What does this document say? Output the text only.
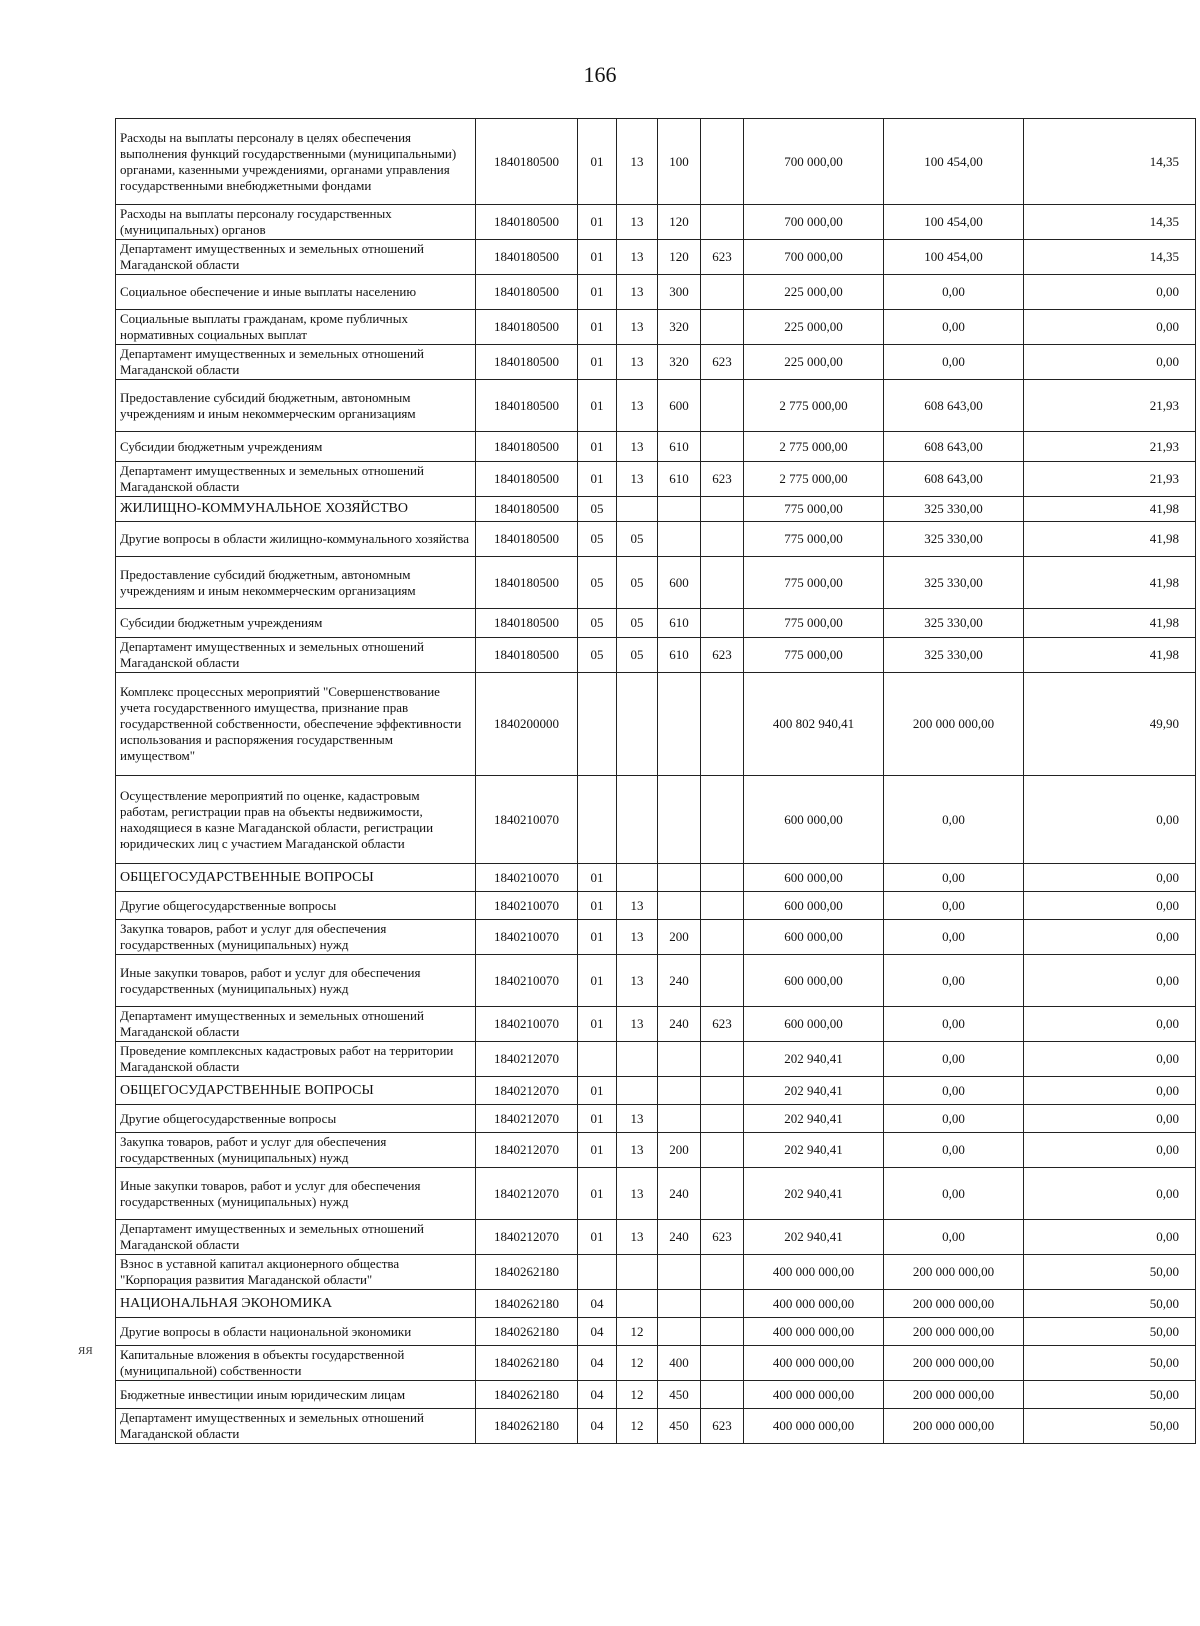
166
ЯЯ
Расходы на выплаты персоналу в целях обеспечения выполнения функций государственными (муниципальными) органами, казенными учреждениями, органами управления государственными внебюджетными фондами	1840180500	01	13	100		700 000,00	100 454,00	14,35
Расходы на выплаты персоналу государственных (муниципальных) органов	1840180500	01	13	120		700 000,00	100 454,00	14,35
Департамент имущественных и земельных отношений Магаданской области	1840180500	01	13	120	623	700 000,00	100 454,00	14,35
Социальное обеспечение и иные выплаты населению	1840180500	01	13	300		225 000,00	0,00	0,00
Социальные выплаты гражданам, кроме публичных нормативных социальных выплат	1840180500	01	13	320		225 000,00	0,00	0,00
Департамент имущественных и земельных отношений Магаданской области	1840180500	01	13	320	623	225 000,00	0,00	0,00
Предоставление субсидий бюджетным, автономным учреждениям и иным некоммерческим организациям	1840180500	01	13	600		2 775 000,00	608 643,00	21,93
Субсидии бюджетным учреждениям	1840180500	01	13	610		2 775 000,00	608 643,00	21,93
Департамент имущественных и земельных отношений Магаданской области	1840180500	01	13	610	623	2 775 000,00	608 643,00	21,93
ЖИЛИЩНО-КОММУНАЛЬНОЕ ХОЗЯЙСТВО	1840180500	05				775 000,00	325 330,00	41,98
Другие вопросы в области жилищно-коммунального хозяйства	1840180500	05	05			775 000,00	325 330,00	41,98
Предоставление субсидий бюджетным, автономным учреждениям и иным некоммерческим организациям	1840180500	05	05	600		775 000,00	325 330,00	41,98
Субсидии бюджетным учреждениям	1840180500	05	05	610		775 000,00	325 330,00	41,98
Департамент имущественных и земельных отношений Магаданской области	1840180500	05	05	610	623	775 000,00	325 330,00	41,98
Комплекс процессных мероприятий "Совершенствование учета государственного имущества, признание прав государственной собственности, обеспечение эффективности использования и распоряжения государственным имуществом"	1840200000					400 802 940,41	200 000 000,00	49,90
Осуществление мероприятий по оценке, кадастровым работам, регистрации прав на объекты недвижимости, находящиеся в казне Магаданской области, регистрации юридических лиц с участием Магаданской области	1840210070					600 000,00	0,00	0,00
ОБЩЕГОСУДАРСТВЕННЫЕ ВОПРОСЫ	1840210070	01				600 000,00	0,00	0,00
Другие общегосударственные вопросы	1840210070	01	13			600 000,00	0,00	0,00
Закупка товаров, работ и услуг для обеспечения государственных (муниципальных) нужд	1840210070	01	13	200		600 000,00	0,00	0,00
Иные закупки товаров, работ и услуг для обеспечения государственных (муниципальных) нужд	1840210070	01	13	240		600 000,00	0,00	0,00
Департамент имущественных и земельных отношений Магаданской области	1840210070	01	13	240	623	600 000,00	0,00	0,00
Проведение комплексных кадастровых работ на территории Магаданской области	1840212070					202 940,41	0,00	0,00
ОБЩЕГОСУДАРСТВЕННЫЕ ВОПРОСЫ	1840212070	01				202 940,41	0,00	0,00
Другие общегосударственные вопросы	1840212070	01	13			202 940,41	0,00	0,00
Закупка товаров, работ и услуг для обеспечения государственных (муниципальных) нужд	1840212070	01	13	200		202 940,41	0,00	0,00
Иные закупки товаров, работ и услуг для обеспечения государственных (муниципальных) нужд	1840212070	01	13	240		202 940,41	0,00	0,00
Департамент имущественных и земельных отношений Магаданской области	1840212070	01	13	240	623	202 940,41	0,00	0,00
Взнос в уставной капитал акционерного общества "Корпорация развития Магаданской области"	1840262180					400 000 000,00	200 000 000,00	50,00
НАЦИОНАЛЬНАЯ ЭКОНОМИКА	1840262180	04				400 000 000,00	200 000 000,00	50,00
Другие вопросы в области национальной экономики	1840262180	04	12			400 000 000,00	200 000 000,00	50,00
Капитальные вложения в объекты государственной (муниципальной) собственности	1840262180	04	12	400		400 000 000,00	200 000 000,00	50,00
Бюджетные инвестиции иным юридическим лицам	1840262180	04	12	450		400 000 000,00	200 000 000,00	50,00
Департамент имущественных и земельных отношений Магаданской области	1840262180	04	12	450	623	400 000 000,00	200 000 000,00	50,00
